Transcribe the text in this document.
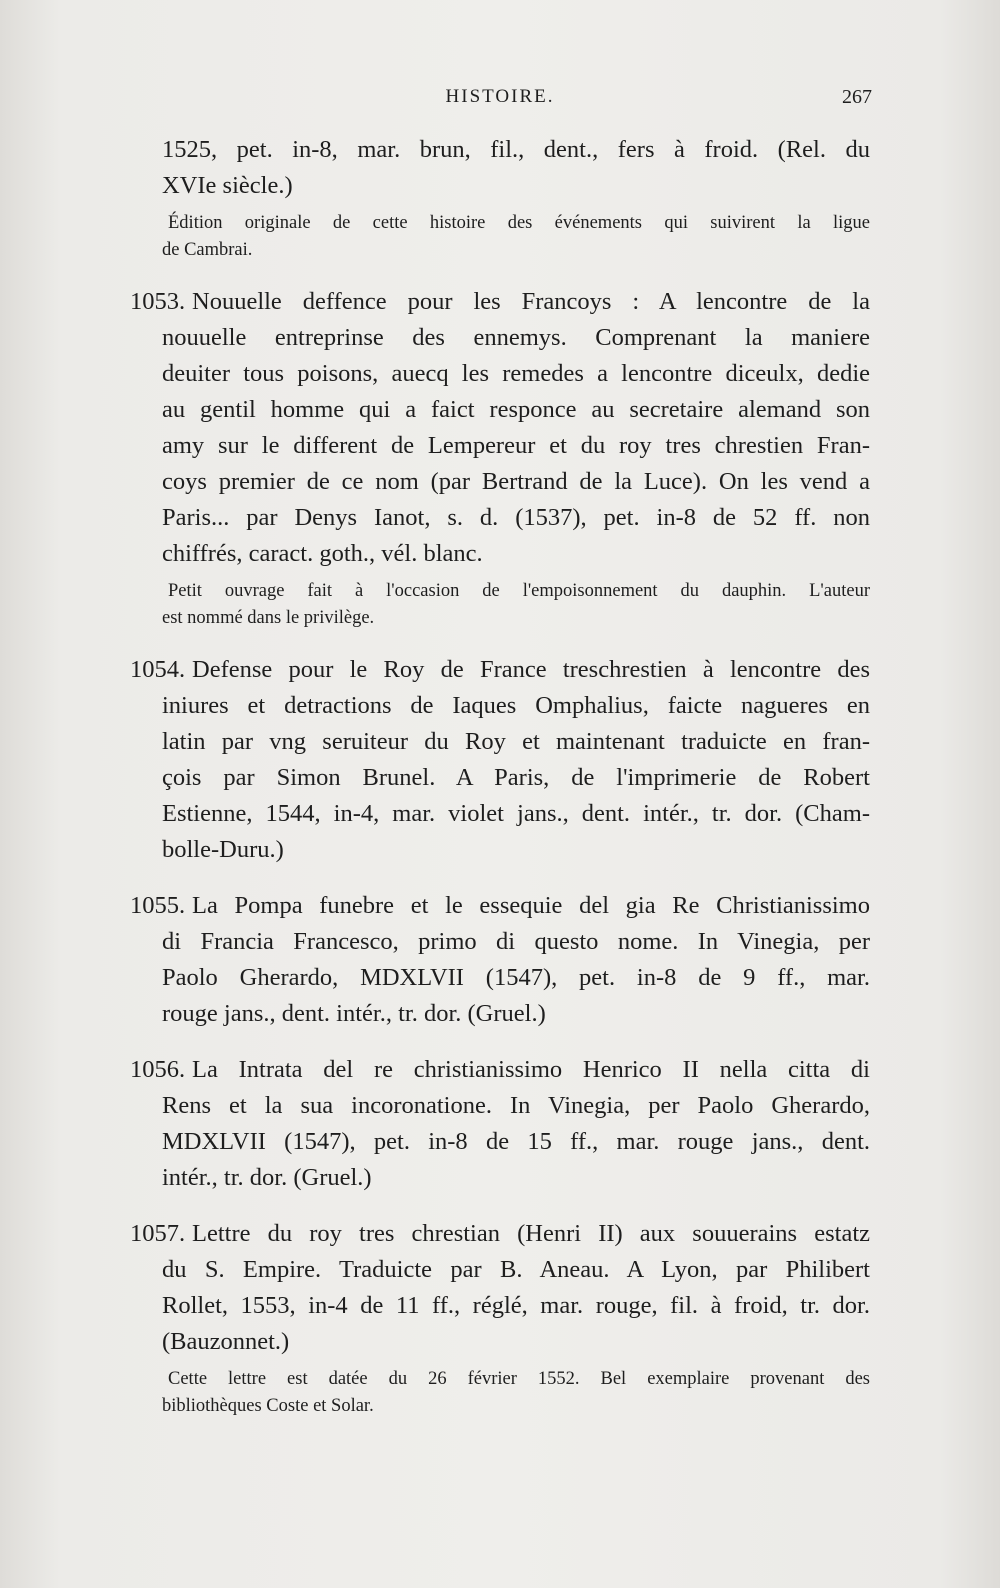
HISTOIRE.	267
1525, pet. in-8, mar. brun, fil., dent., fers à froid. (Rel. du
XVIe siècle.)
Édition originale de cette histoire des événements qui suivirent la ligue
de Cambrai.
1053. Nouuelle deffence pour les Francoys : A lencontre de la
nouuelle entreprinse des ennemys. Comprenant la maniere
deuiter tous poisons, auecq les remedes a lencontre diceulx, dedie
au gentil homme qui a faict responce au secretaire alemand son
amy sur le different de Lempereur et du roy tres chrestien Fran-
coys premier de ce nom (par Bertrand de la Luce). On les vend a
Paris... par Denys Ianot, s. d. (1537), pet. in-8 de 52 ff. non
chiffrés, caract. goth., vél. blanc.
Petit ouvrage fait à l'occasion de l'empoisonnement du dauphin. L'auteur
est nommé dans le privilège.
1054. Defense pour le Roy de France treschrestien à lencontre des
iniures et detractions de Iaques Omphalius, faicte nagueres en
latin par vng seruiteur du Roy et maintenant traduicte en fran-
çois par Simon Brunel. A Paris, de l'imprimerie de Robert
Estienne, 1544, in-4, mar. violet jans., dent. intér., tr. dor. (Cham-
bolle-Duru.)
1055. La Pompa funebre et le essequie del gia Re Christianissimo
di Francia Francesco, primo di questo nome. In Vinegia, per
Paolo Gherardo, MDXLVII (1547), pet. in-8 de 9 ff., mar.
rouge jans., dent. intér., tr. dor. (Gruel.)
1056. La Intrata del re christianissimo Henrico II nella citta di
Rens et la sua incoronatione. In Vinegia, per Paolo Gherardo,
MDXLVII (1547), pet. in-8 de 15 ff., mar. rouge jans., dent.
intér., tr. dor. (Gruel.)
1057. Lettre du roy tres chrestian (Henri II) aux souuerains estatz
du S. Empire. Traduicte par B. Aneau. A Lyon, par Philibert
Rollet, 1553, in-4 de 11 ff., réglé, mar. rouge, fil. à froid, tr. dor.
(Bauzonnet.)
Cette lettre est datée du 26 février 1552. Bel exemplaire provenant des
bibliothèques Coste et Solar.
